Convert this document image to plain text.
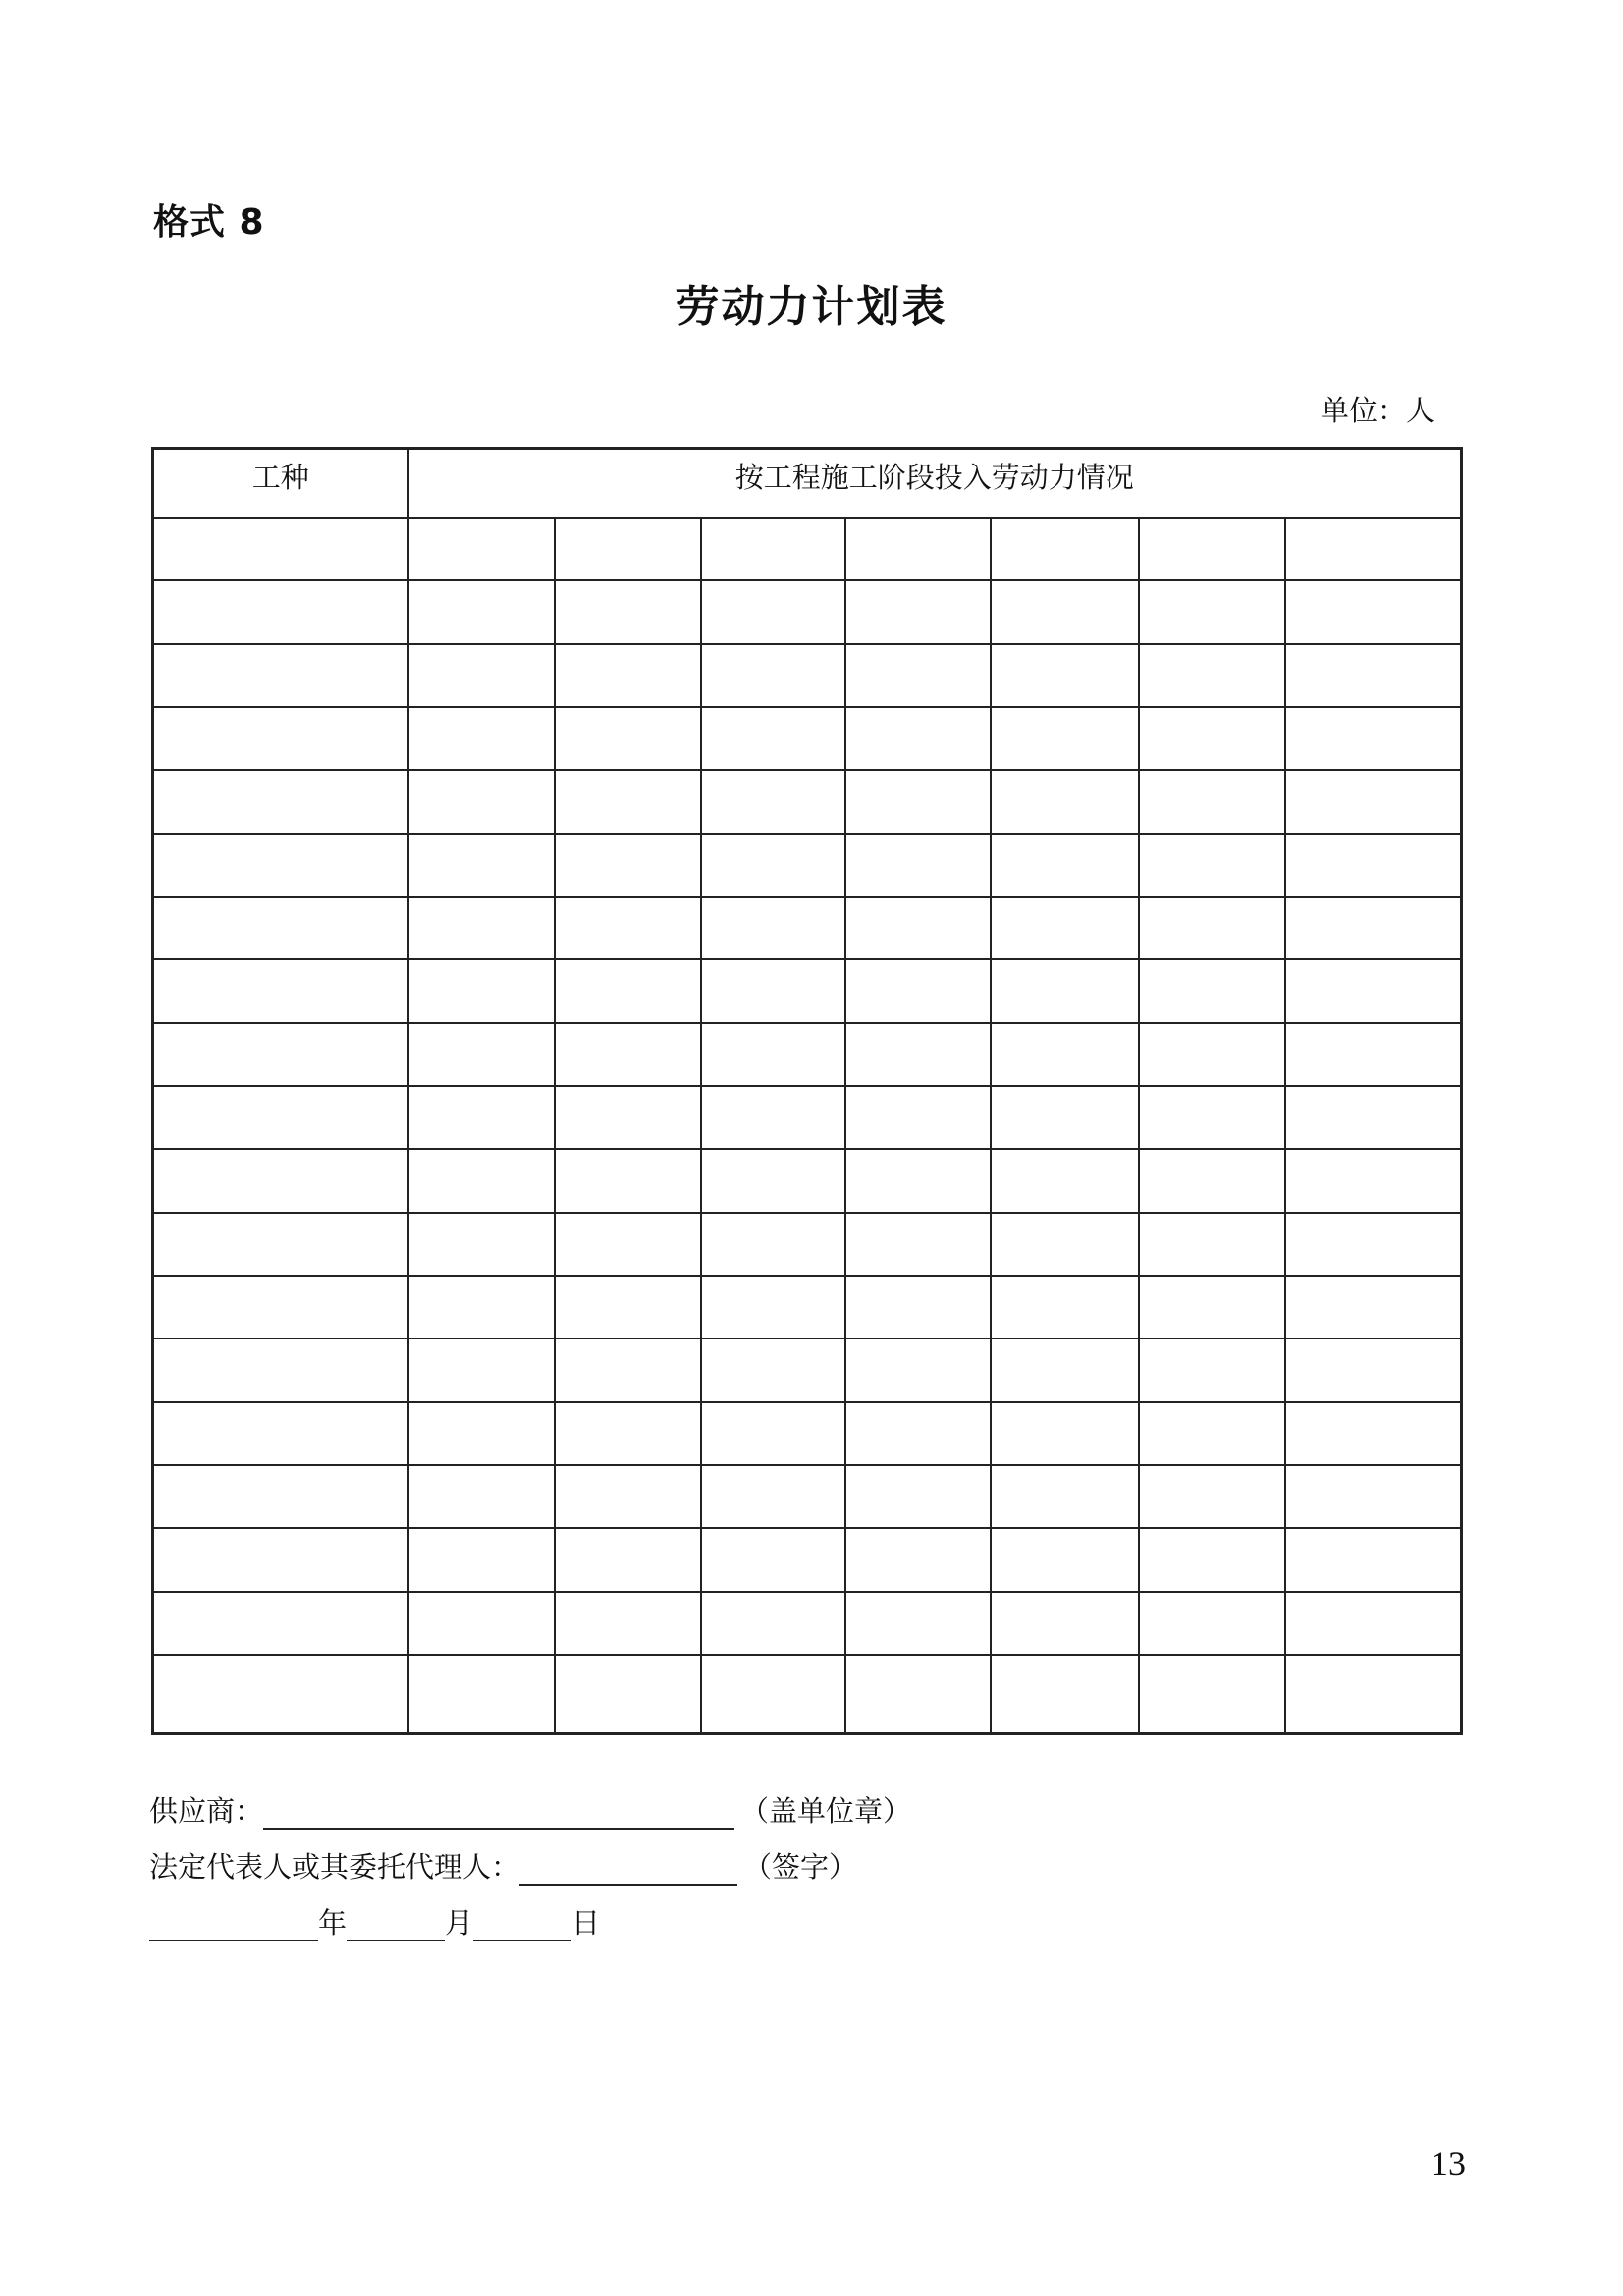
格式 8
劳动力计划表
单位：人
工种	按工程施工阶段投入劳动力情况						

供应商：	（盖单位章）
法定代表人或其委托代理人：	（签字）
年	月	日
13
